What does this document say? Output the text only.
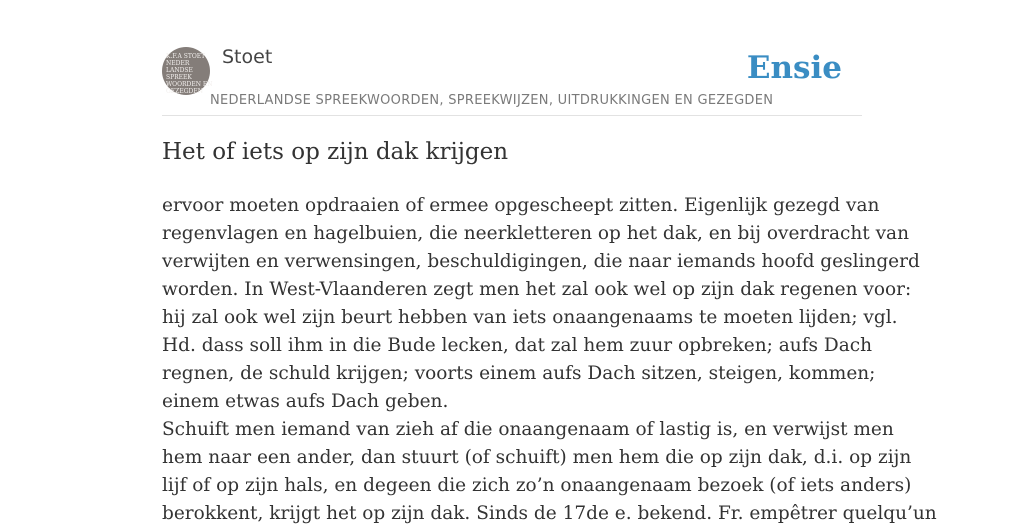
K.F.A STOET
NEDER
LANDSE
SPREEK
WOORDEN EN
GEZEGDEN
Stoet
NEDERLANDSE SPREEKWOORDEN, SPREEKWIJZEN, UITDRUKKINGEN EN GEZEGDEN
Ensie
Het of iets op zijn dak krijgen
ervoor moeten opdraaien of ermee opgescheept zitten. Eigenlijk gezegd van
regenvlagen en hagelbuien, die neerkletteren op het dak, en bij overdracht van
verwijten en verwensingen, beschuldigingen, die naar iemands hoofd geslingerd
worden. In West-Vlaanderen zegt men het zal ook wel op zijn dak regenen voor:
hij zal ook wel zijn beurt hebben van iets onaangenaams te moeten lijden; vgl.
Hd. dass soll ihm in die Bude lecken, dat zal hem zuur opbreken; aufs Dach
regnen, de schuld krijgen; voorts einem aufs Dach sitzen, steigen, kommen;
einem etwas aufs Dach geben.
Schuift men iemand van zieh af die onaangenaam of lastig is, en verwijst men
hem naar een ander, dan stuurt (of schuift) men hem die op zijn dak, d.i. op zijn
lijf of op zijn hals, en degeen die zich zo’n onaangenaam bezoek (of iets anders)
berokkent, krijgt het op zijn dak. Sinds de 17de e. bekend. Fr. empêtrer quelqu’un
